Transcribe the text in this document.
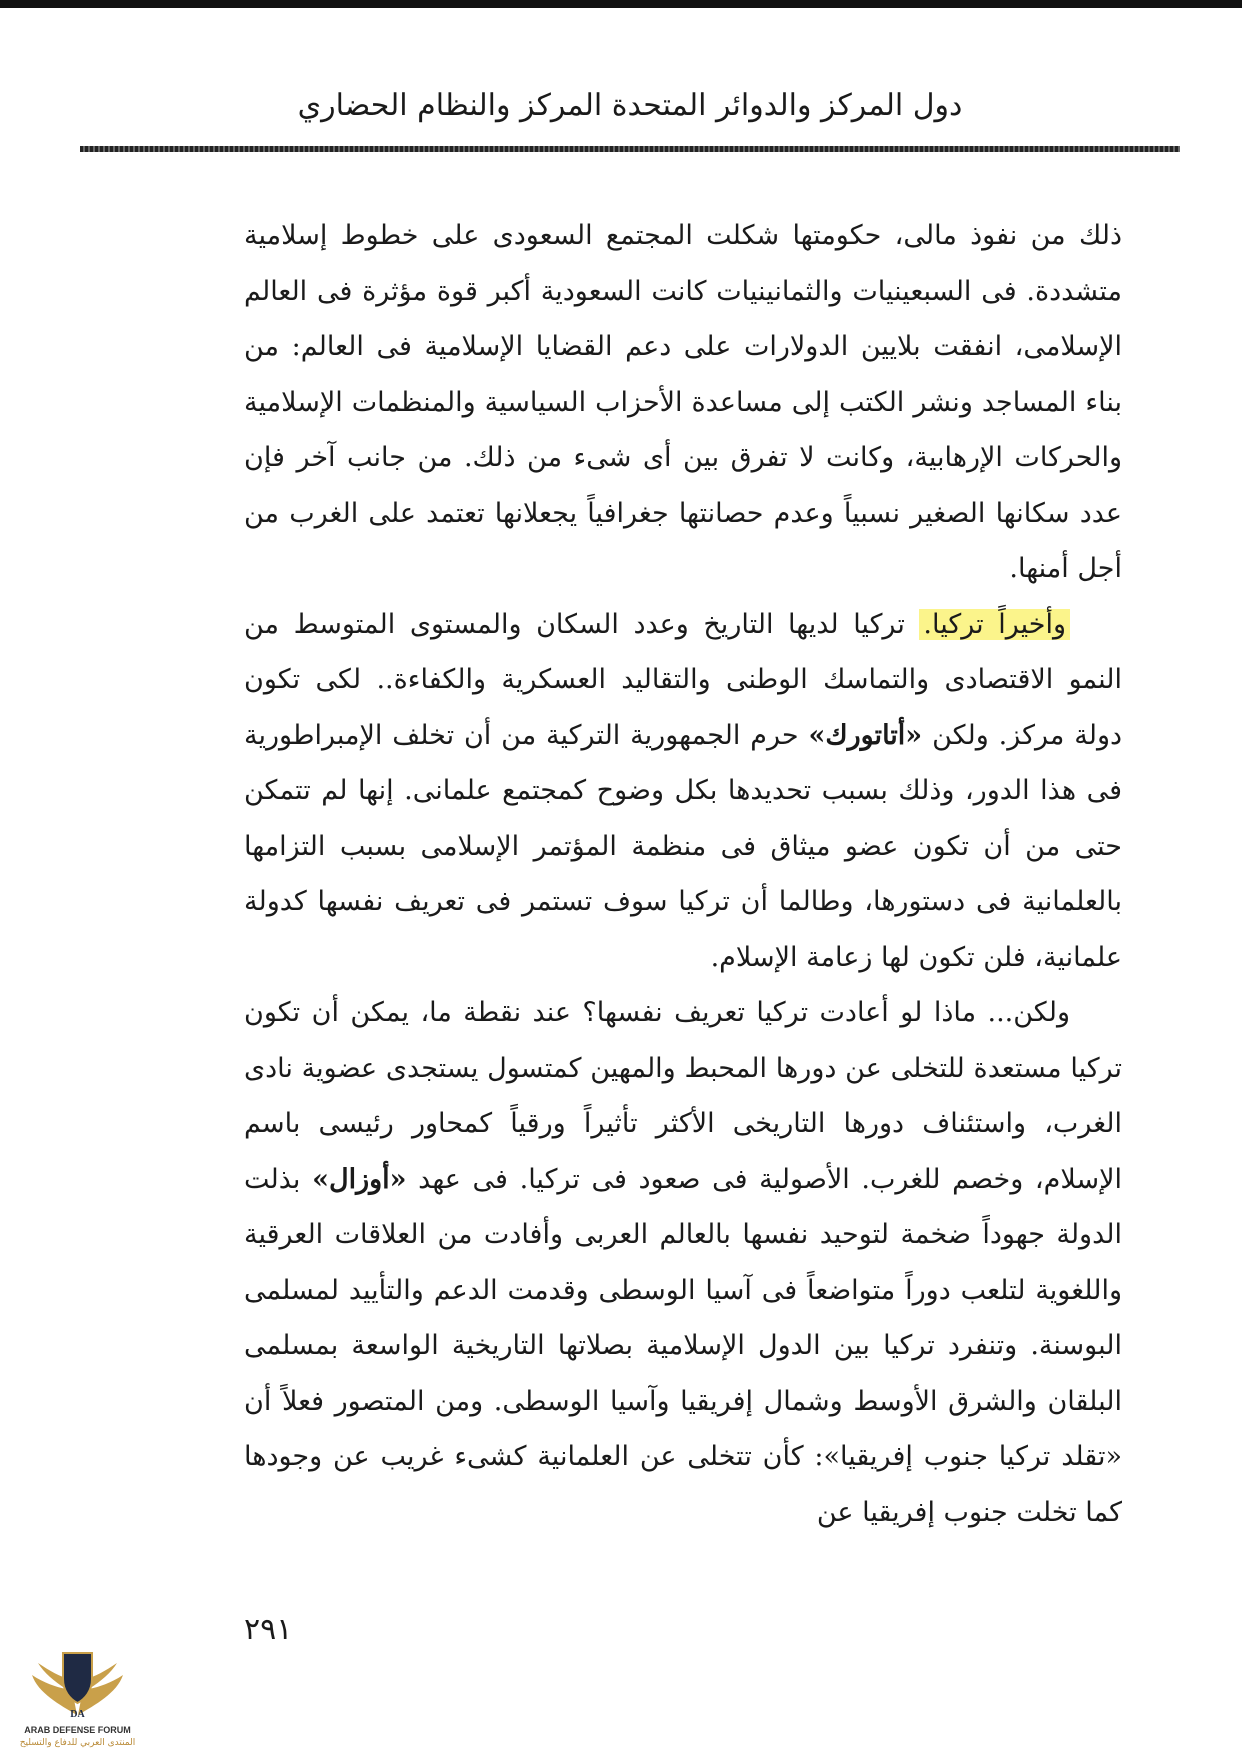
دول المركز والدوائر المتحدة المركز والنظام الحضاري

ذلك من نفوذ مالى، حكومتها شكلت المجتمع السعودى على خطوط إسلامية متشددة. فى السبعينيات والثمانينيات كانت السعودية أكبر قوة مؤثرة فى العالم الإسلامى، انفقت بلايين الدولارات على دعم القضايا الإسلامية فى العالم: من بناء المساجد ونشر الكتب إلى مساعدة الأحزاب السياسية والمنظمات الإسلامية والحركات الإرهابية، وكانت لا تفرق بين أى شىء من ذلك. من جانب آخر فإن عدد سكانها الصغير نسبياً وعدم حصانتها جغرافياً يجعلانها تعتمد على الغرب من أجل أمنها.

وأخيراً تركيا. تركيا لديها التاريخ وعدد السكان والمستوى المتوسط من النمو الاقتصادى والتماسك الوطنى والتقاليد العسكرية والكفاءة.. لكى تكون دولة مركز. ولكن «أتاتورك» حرم الجمهورية التركية من أن تخلف الإمبراطورية فى هذا الدور، وذلك بسبب تحديدها بكل وضوح كمجتمع علمانى. إنها لم تتمكن حتى من أن تكون عضو ميثاق فى منظمة المؤتمر الإسلامى بسبب التزامها بالعلمانية فى دستورها، وطالما أن تركيا سوف تستمر فى تعريف نفسها كدولة علمانية، فلن تكون لها زعامة الإسلام.

ولكن... ماذا لو أعادت تركيا تعريف نفسها؟ عند نقطة ما، يمكن أن تكون تركيا مستعدة للتخلى عن دورها المحبط والمهين كمتسول يستجدى عضوية نادى الغرب، واستئناف دورها التاريخى الأكثر تأثيراً ورقياً كمحاور رئيسى باسم الإسلام، وخصم للغرب. الأصولية فى صعود فى تركيا. فى عهد «أوزال» بذلت الدولة جهوداً ضخمة لتوحيد نفسها بالعالم العربى وأفادت من العلاقات العرقية واللغوية لتلعب دوراً متواضعاً فى آسيا الوسطى وقدمت الدعم والتأييد لمسلمى البوسنة. وتنفرد تركيا بين الدول الإسلامية بصلاتها التاريخية الواسعة بمسلمى البلقان والشرق الأوسط وشمال إفريقيا وآسيا الوسطى. ومن المتصور فعلاً أن «تقلد تركيا جنوب إفريقيا»: كأن تتخلى عن العلمانية كشىء غريب عن وجودها كما تخلت جنوب إفريقيا عن

٢٩١
DA
ARAB DEFENSE FORUM
المنتدى العربي للدفاع والتسليح
